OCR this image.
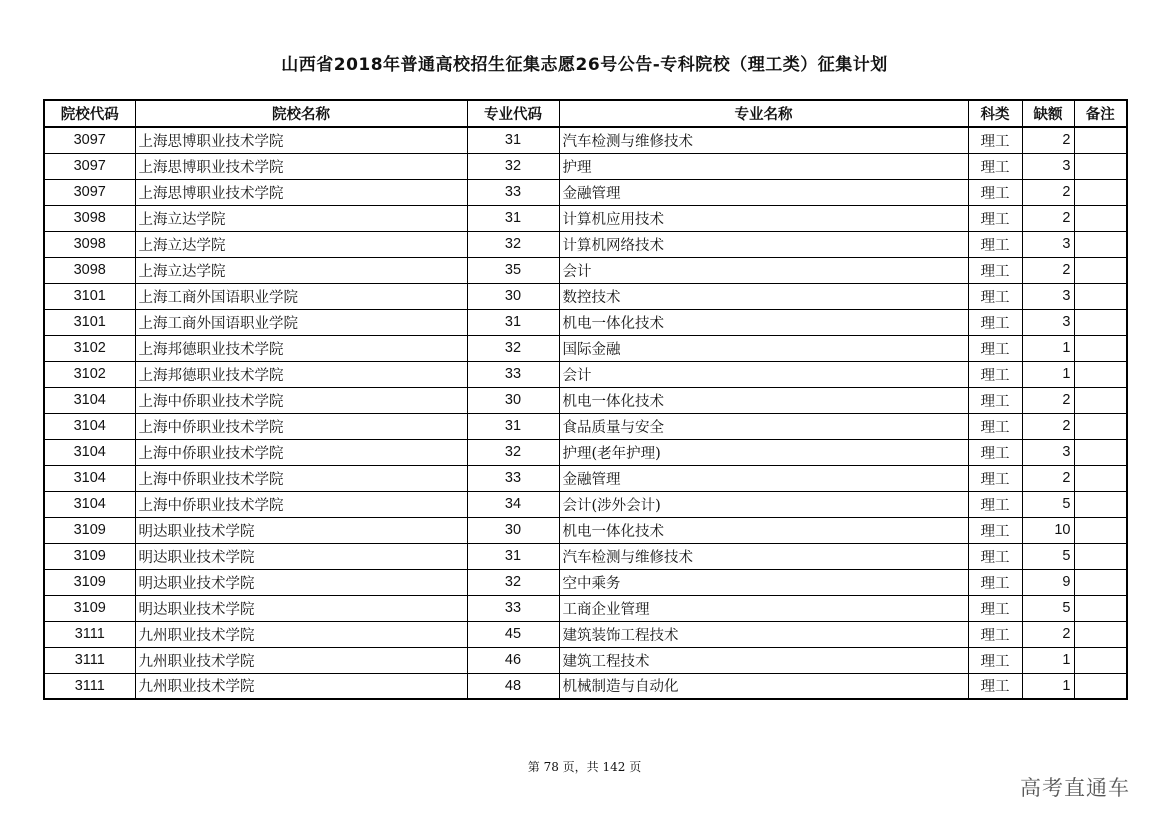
山西省2018年普通高校招生征集志愿26号公告-专科院校（理工类）征集计划
院校代码	院校名称	专业代码	专业名称	科类	缺额	备注
3097	上海思博职业技术学院	31	汽车检测与维修技术	理工	2	
3097	上海思博职业技术学院	32	护理	理工	3	
3097	上海思博职业技术学院	33	金融管理	理工	2	
3098	上海立达学院	31	计算机应用技术	理工	2	
3098	上海立达学院	32	计算机网络技术	理工	3	
3098	上海立达学院	35	会计	理工	2	
3101	上海工商外国语职业学院	30	数控技术	理工	3	
3101	上海工商外国语职业学院	31	机电一体化技术	理工	3	
3102	上海邦德职业技术学院	32	国际金融	理工	1	
3102	上海邦德职业技术学院	33	会计	理工	1	
3104	上海中侨职业技术学院	30	机电一体化技术	理工	2	
3104	上海中侨职业技术学院	31	食品质量与安全	理工	2	
3104	上海中侨职业技术学院	32	护理(老年护理)	理工	3	
3104	上海中侨职业技术学院	33	金融管理	理工	2	
3104	上海中侨职业技术学院	34	会计(涉外会计)	理工	5	
3109	明达职业技术学院	30	机电一体化技术	理工	10	
3109	明达职业技术学院	31	汽车检测与维修技术	理工	5	
3109	明达职业技术学院	32	空中乘务	理工	9	
3109	明达职业技术学院	33	工商企业管理	理工	5	
3111	九州职业技术学院	45	建筑装饰工程技术	理工	2	
3111	九州职业技术学院	46	建筑工程技术	理工	1	
3111	九州职业技术学院	48	机械制造与自动化	理工	1	
第 78 页，共 142 页
高考直通车
